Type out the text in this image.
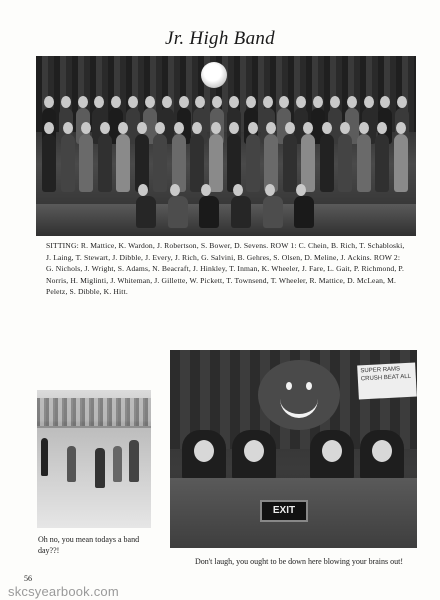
Jr. High Band
SITTING: R. Mattice, K. Wardon, J. Robertson, S. Bower, D. Sevens. ROW 1: C. Chein, B. Rich, T. Schabloski, J. Laing, T. Stewart, J. Dibble, J. Every, J. Rich, G. Salvini, B. Gehres, S. Olsen, D. Meline, J. Ackins. ROW 2: G. Nichols, J. Wright, S. Adams, N. Beacraft, J. Hinkley, T. Inman, K. Wheeler, J. Fare, L. Gait, P. Richmond, P. Norris, H. Miglinti, J. Whiteman, J. Gillette, W. Pickett, T. Townsend, T. Wheeler, R. Mattice, D. McLean, M. Peletz, S. Dibble, K. Hitt.
Oh no, you mean todays a band day??!
SUPER RAMS CRUSH BEAT ALL
EXIT
Don't laugh, you ought to be down here blowing your brains out!
56
skcsyearbook.com
